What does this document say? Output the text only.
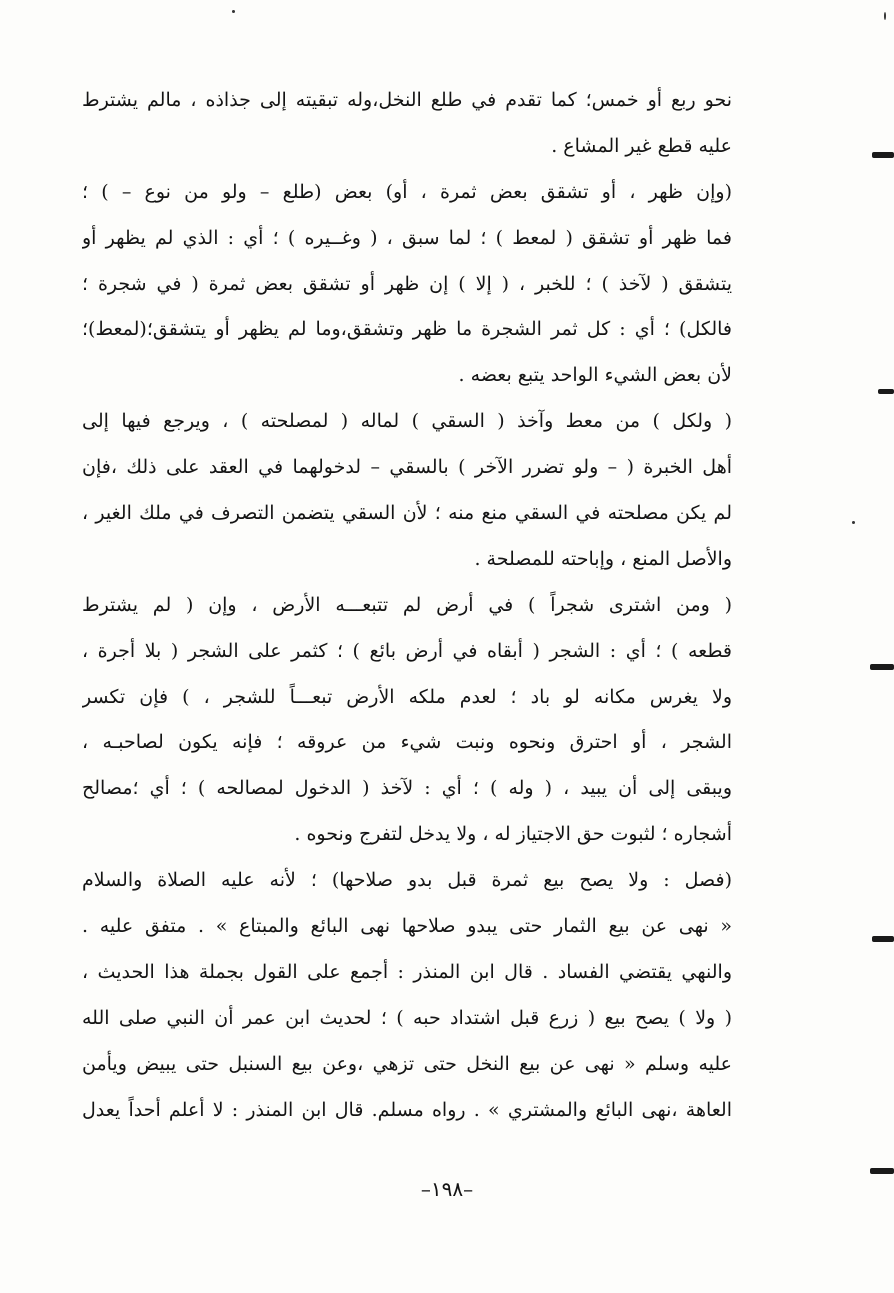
نحو ربع أو خمس؛ كما تقدم في طلع النخل،وله تبقيته إلى جذاذه ، مالم يشترط
عليه قطع غير المشاع .
(وإن ظهر ، أو تشقق بعض ثمرة ، أو) بعض (طلع – ولو من نوع – ) ؛
فما ظهر أو تشقق ( لمعط ) ؛ لما سبق ، ( وغــيره ) ؛ أي : الذي لم يظهر أو
يتشقق ( لآخذ ) ؛ للخبر ، ( إلا ) إن ظهر أو تشقق بعض ثمرة ( في شجرة ؛
فالكل) ؛ أي : كل ثمر الشجرة ما ظهر وتشقق،وما لم يظهر أو يتشقق؛(لمعط)؛
لأن بعض الشيء الواحد يتبع بعضه .
( ولكل ) من معط وآخذ ( السقي ) لماله ( لمصلحته ) ، ويرجع فيها إلى
أهل الخبرة ( – ولو تضرر الآخر ) بالسقي – لدخولهما في العقد على ذلك ،فإن
لم يكن مصلحته في السقي منع منه ؛ لأن السقي يتضمن التصرف في ملك الغير ،
والأصل المنع ، وإباحته للمصلحة .
( ومن اشترى شجراً ) في أرض لم تتبعـــه الأرض ، وإن ( لم يشترط
قطعه ) ؛ أي : الشجر ( أبقاه في أرض بائع ) ؛ كثمر على الشجر ( بلا أجرة ،
ولا يغرس مكانه لو باد ؛ لعدم ملكه الأرض تبعـــاً للشجر ، ) فإن تكسر
الشجر ، أو احترق ونحوه ونبت شيء من عروقه ؛ فإنه يكون لصاحبـه ،
ويبقى إلى أن يبيد ، ( وله ) ؛ أي : لآخذ ( الدخول لمصالحه ) ؛ أي ؛مصالح
أشجاره ؛ لثبوت حق الاجتياز له ، ولا يدخل لتفرج ونحوه .
(فصل : ولا يصح بيع ثمرة قبل بدو صلاحها) ؛ لأنه عليه الصلاة والسلام
« نهى عن بيع الثمار حتى يبدو صلاحها نهى البائع والمبتاع » . متفق عليه .
والنهي يقتضي الفساد . قال ابن المنذر : أجمع على القول بجملة هذا الحديث ،
( ولا ) يصح بيع ( زرع قبل اشتداد حبه ) ؛ لحديث ابن عمر أن النبي صلى الله
عليه وسلم « نهى عن بيع النخل حتى تزهي ،وعن بيع السنبل حتى يبيض ويأمن
العاهة ،نهى البائع والمشتري » . رواه مسلم. قال ابن المنذر : لا أعلم أحداً يعدل
–١٩٨–
